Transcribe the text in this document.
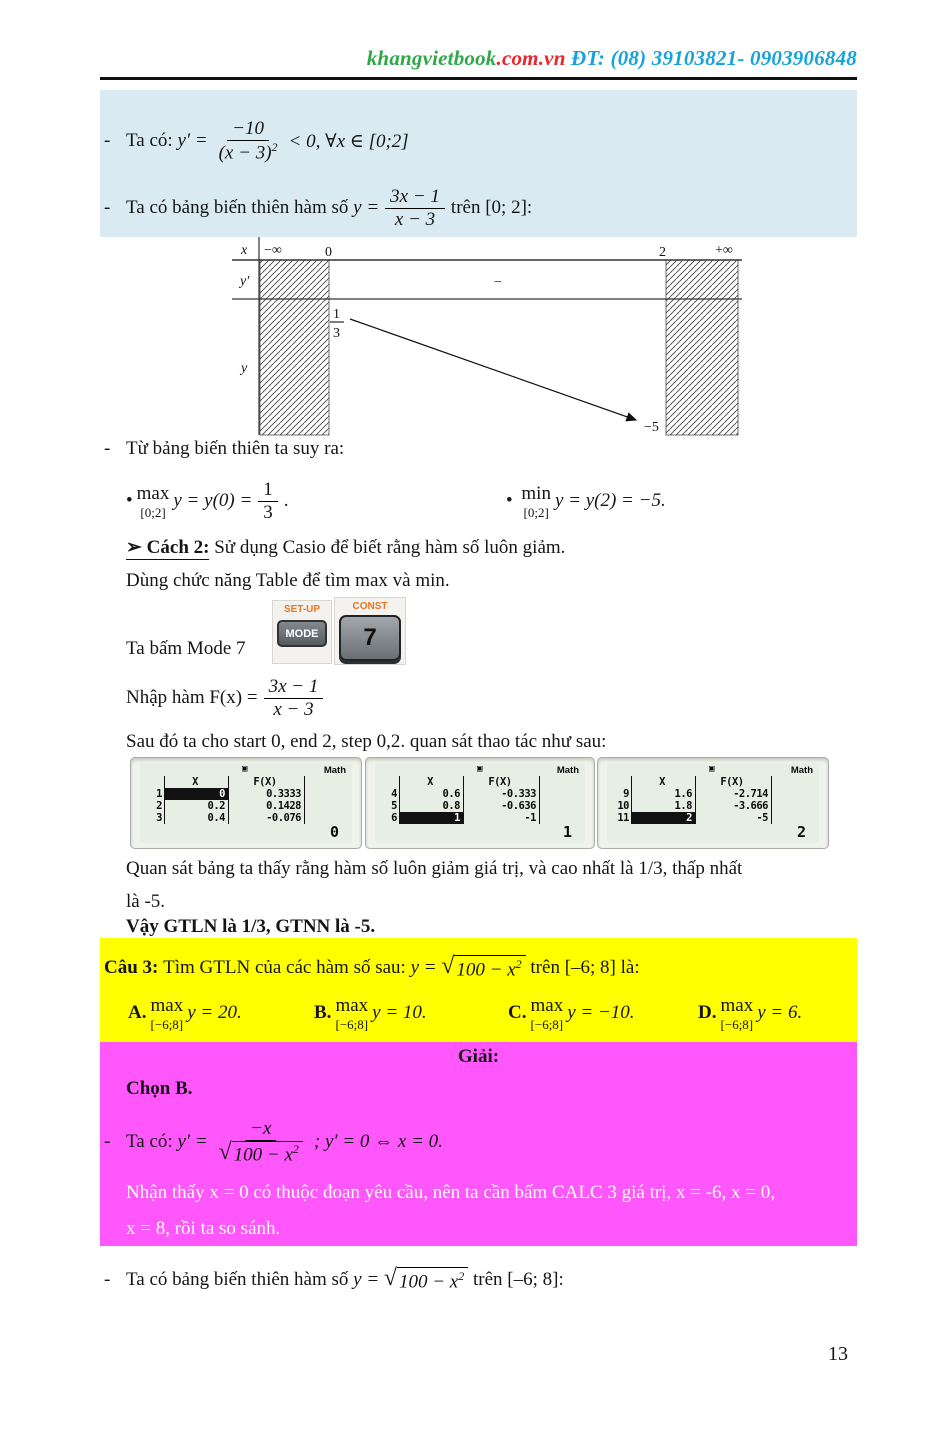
khangvietbook.com.vn ĐT: (08) 39103821- 0903906848
- Ta có:
$y' = \frac{-10}{(x - 3)^2} < 0$, ∀x ∈ [0;2]
- Ta có bảng biến thiên hàm số
$y = \frac{3x - 1}{x - 3}$ trên [0; 2]:
x
y′
y
−∞	0	2	+∞
−
1
3
−5
- Từ bảng biến thiên ta suy ra:
• max
[0;2]
$y = y(0) = \frac{1}{3}$ .	•
min
[0;2]
y = y(2) = −5.
➢ Cách 2:
Sử dụng Casio để biết rằng hàm số luôn giảm.
Dùng chức năng Table để tìm max và min.
Ta bấm Mode 7
SET-UP
MODE
CONST
7
Nhập hàm $F(x) = \frac{3x - 1}{x - 3}$
Sau đó ta cho start 0, end 2, step 0,2. quan sát thao tác như sau:
▣	Math
X	F(X)
1	0	0.3333
2	0.2	0.1428
3	0.4	-0.076
0
▣	Math
X	F(X)
4	0.6	-0.333
5	0.8	-0.636
6	1	-1
1
▣	Math
X	F(X)
9	1.6	-2.714
10	1.8	-3.666
11	2	-5
2
Quan sát bảng ta thấy rằng hàm số luôn giảm giá trị, và cao nhất là 1/3, thấp nhất
là -5.
Vậy GTLN là 1/3, GTNN là -5.
Câu 3:
Tìm GTLN của các hàm số sau:
y =
√ $100 - x^2$
trên [–6; 8] là:
A. max
[−6;8]
y = 20.	B. max
[−6;8]
y = 10.	C. max
[−6;8]
y = −10.	D. max
[−6;8]
y = 6.
Giải:
Chọn B.
- Ta có:
$y' = \frac{-x}{√ 100 - x^2}$ ; y′ = 0 ⇔ x = 0.
Nhận thấy x = 0 có thuộc đoạn yêu cầu, nên ta cần bấm CALC 3 giá trị, x = -6, x = 0,
x = 8, rồi ta so sánh.
- Ta có bảng biến thiên hàm số
y =
√ $100 - x^2$
trên [–6; 8]:
13
